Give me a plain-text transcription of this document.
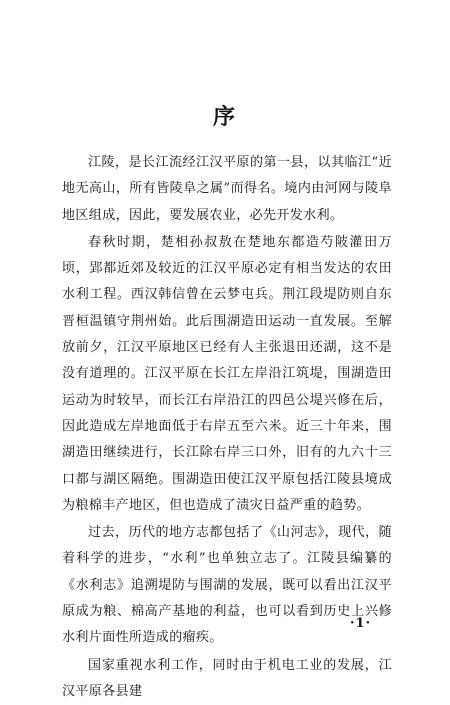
序

江陵，是长江流经江汉平原的第一县，以其临江“近地无高山，所有皆陵阜之属”而得名。境内由河网与陵阜地区组成，因此，要发展农业，必先开发水利。

春秋时期，楚相孙叔敖在楚地东都造芍陂灌田万顷，郢都近郊及较近的江汉平原必定有相当发达的农田水利工程。西汉韩信曾在云梦屯兵。荆江段堤防则自东晋桓温镇守荆州始。此后围湖造田运动一直发展。至解放前夕，江汉平原地区已经有人主张退田还湖，这不是没有道理的。江汉平原在长江左岸沿江筑堤，围湖造田运动为时较早，而长江右岸沿江的四邑公堤兴修在后，因此造成左岸地面低于右岸五至六米。近三十年来，围湖造田继续进行，长江除右岸三口外，旧有的九六十三口都与湖区隔绝。围湖造田使江汉平原包括江陵县境成为粮棉丰产地区，但也造成了渍灾日益严重的趋势。

过去，历代的地方志都包括了《山河志》，现代，随着科学的进步，“水利”也单独立志了。江陵县编纂的《水利志》追溯堤防与围湖的发展，既可以看出江汉平原成为粮、棉高产基地的利益，也可以看到历史上兴修水利片面性所造成的瘤疾。

国家重视水利工作，同时由于机电工业的发展，江汉平原各县建

·1·
